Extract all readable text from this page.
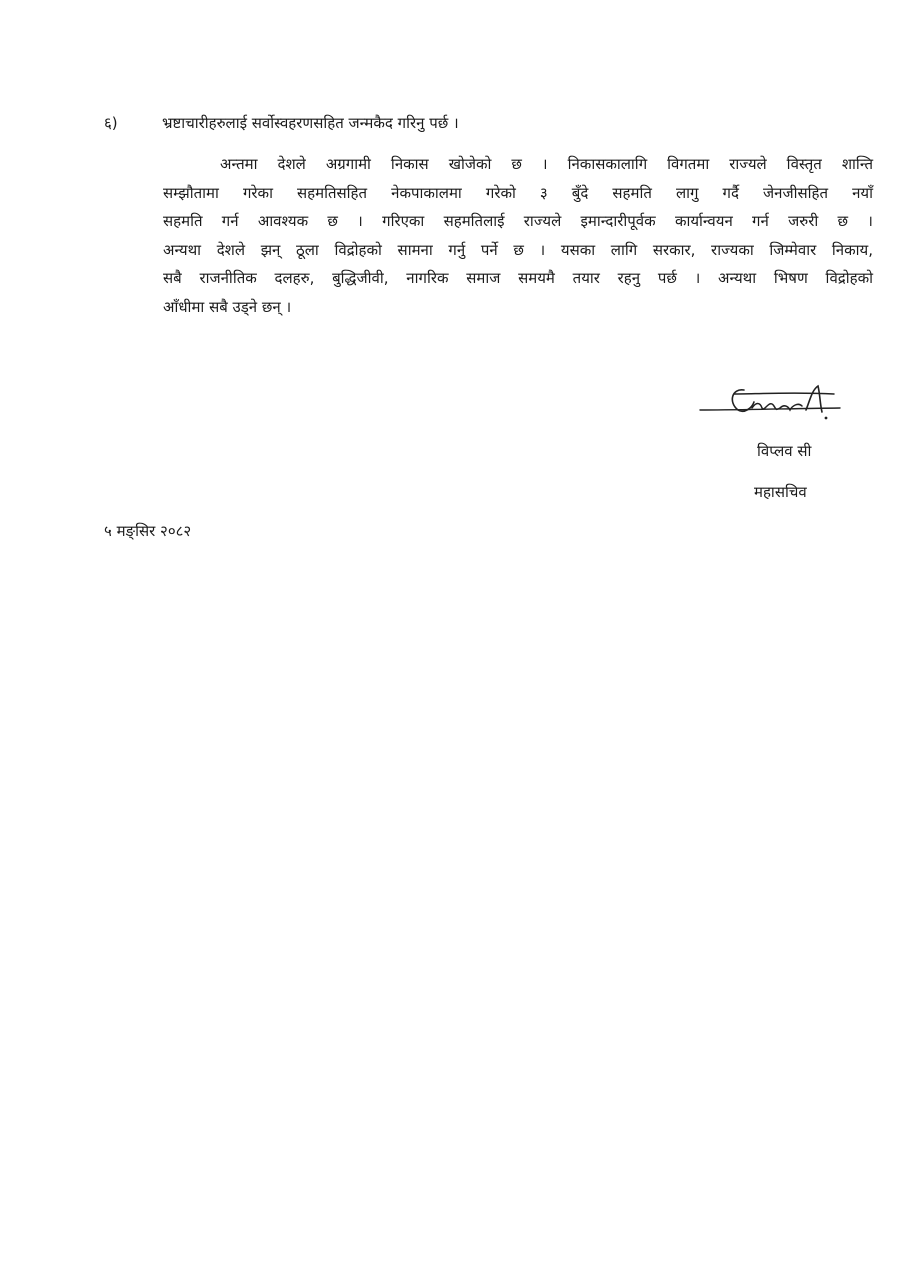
६)	भ्रष्टाचारीहरुलाई सर्वोस्वहरणसहित जन्मकैद गरिनु पर्छ ।
अन्तमा देशले अग्रगामी निकास खोजेको छ । निकासकालागि विगतमा राज्यले विस्तृत शान्ति
सम्झौतामा गरेका सहमतिसहित नेकपाकालमा गरेको ३ बुँदे सहमति लागु गर्दै जेनजीसहित नयाँ
सहमति गर्न आवश्यक छ । गरिएका सहमतिलाई राज्यले इमान्दारीपूर्वक कार्यान्वयन गर्न जरुरी छ ।
अन्यथा देशले झन् ठूला विद्रोहको सामना गर्नु पर्ने छ । यसका लागि सरकार, राज्यका जिम्मेवार निकाय,
सबै राजनीतिक दलहरु, बुद्धिजीवी, नागरिक समाज समयमै तयार रहनु पर्छ । अन्यथा भिषण विद्रोहको
आँधीमा सबै उड्ने छन् ।
विप्लव सी
महासचिव
५ मङ्सिर २०८२
